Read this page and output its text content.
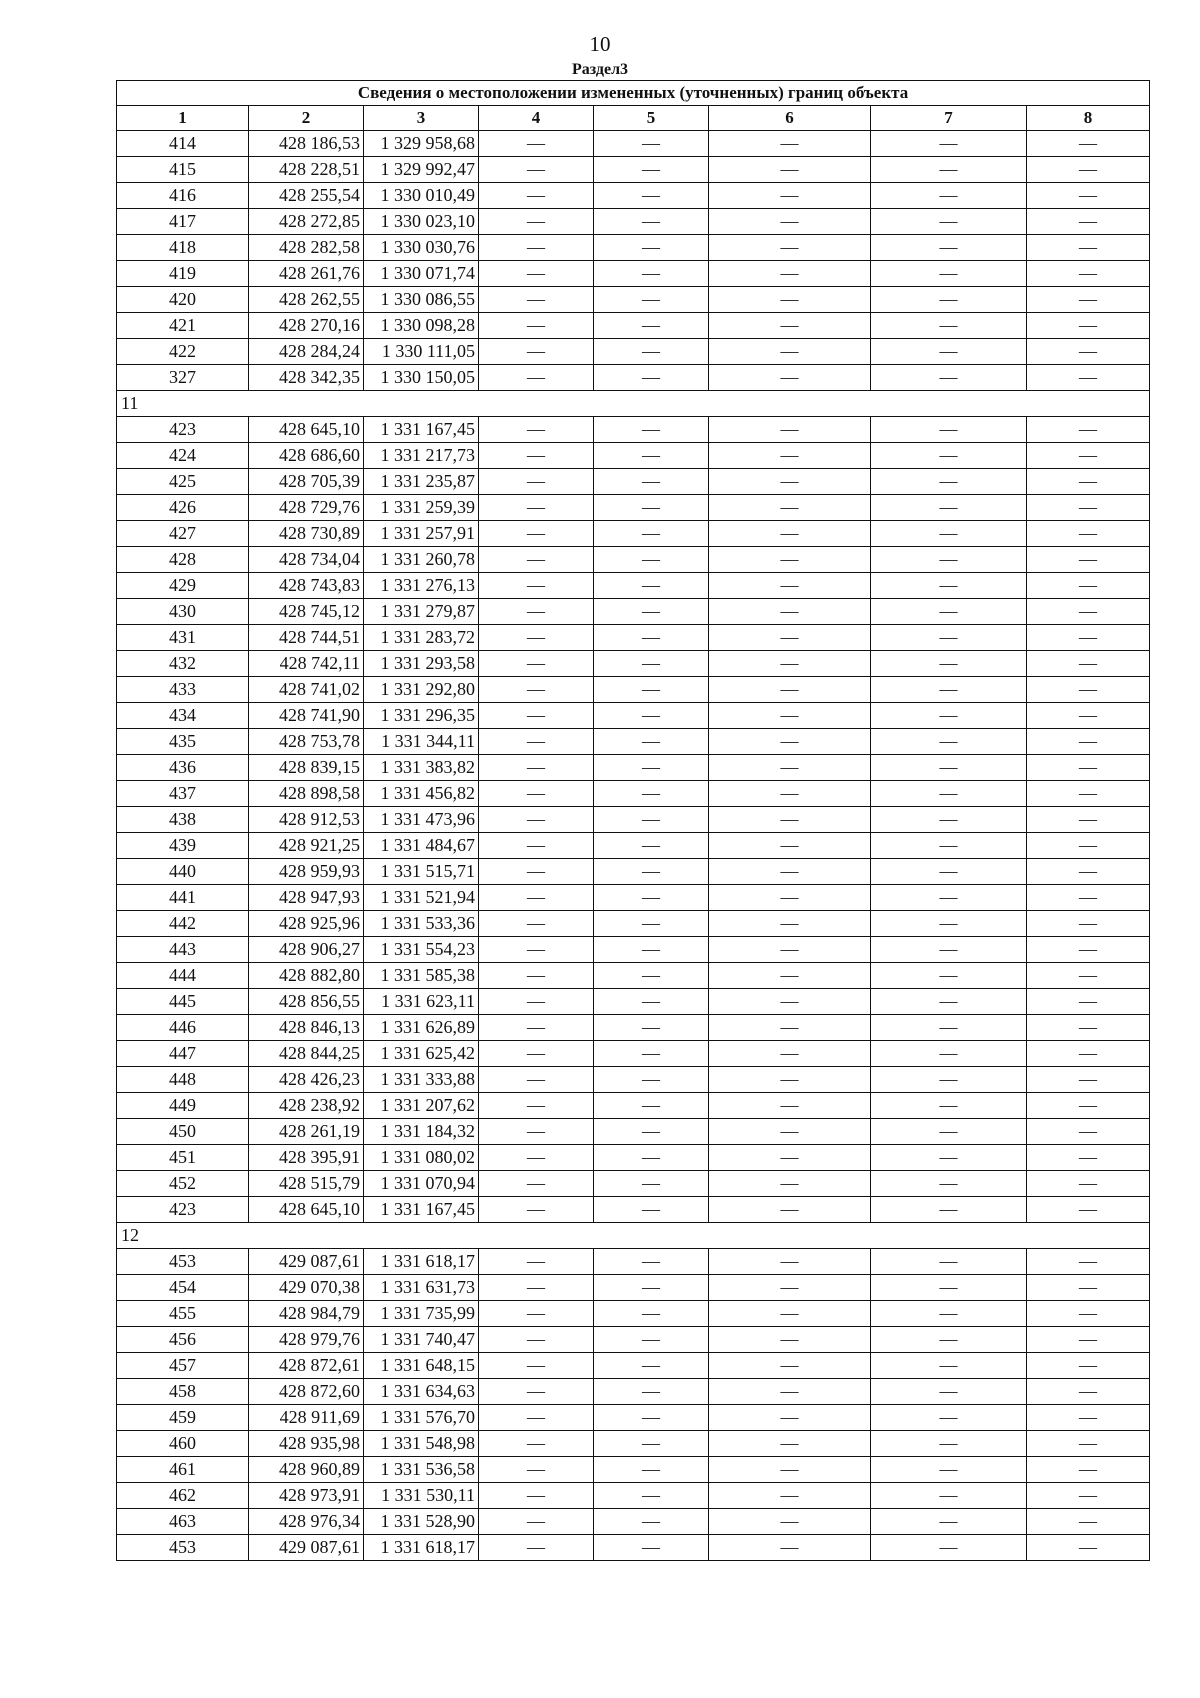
10
Раздел3
Сведения о местоположении измененных (уточненных) границ объекта							
1	2	3	4	5	6	7	8
414	428 186,53	1 329 958,68	—	—	—	—	—
415	428 228,51	1 329 992,47	—	—	—	—	—
416	428 255,54	1 330 010,49	—	—	—	—	—
417	428 272,85	1 330 023,10	—	—	—	—	—
418	428 282,58	1 330 030,76	—	—	—	—	—
419	428 261,76	1 330 071,74	—	—	—	—	—
420	428 262,55	1 330 086,55	—	—	—	—	—
421	428 270,16	1 330 098,28	—	—	—	—	—
422	428 284,24	1 330 111,05	—	—	—	—	—
327	428 342,35	1 330 150,05	—	—	—	—	—
11							
423	428 645,10	1 331 167,45	—	—	—	—	—
424	428 686,60	1 331 217,73	—	—	—	—	—
425	428 705,39	1 331 235,87	—	—	—	—	—
426	428 729,76	1 331 259,39	—	—	—	—	—
427	428 730,89	1 331 257,91	—	—	—	—	—
428	428 734,04	1 331 260,78	—	—	—	—	—
429	428 743,83	1 331 276,13	—	—	—	—	—
430	428 745,12	1 331 279,87	—	—	—	—	—
431	428 744,51	1 331 283,72	—	—	—	—	—
432	428 742,11	1 331 293,58	—	—	—	—	—
433	428 741,02	1 331 292,80	—	—	—	—	—
434	428 741,90	1 331 296,35	—	—	—	—	—
435	428 753,78	1 331 344,11	—	—	—	—	—
436	428 839,15	1 331 383,82	—	—	—	—	—
437	428 898,58	1 331 456,82	—	—	—	—	—
438	428 912,53	1 331 473,96	—	—	—	—	—
439	428 921,25	1 331 484,67	—	—	—	—	—
440	428 959,93	1 331 515,71	—	—	—	—	—
441	428 947,93	1 331 521,94	—	—	—	—	—
442	428 925,96	1 331 533,36	—	—	—	—	—
443	428 906,27	1 331 554,23	—	—	—	—	—
444	428 882,80	1 331 585,38	—	—	—	—	—
445	428 856,55	1 331 623,11	—	—	—	—	—
446	428 846,13	1 331 626,89	—	—	—	—	—
447	428 844,25	1 331 625,42	—	—	—	—	—
448	428 426,23	1 331 333,88	—	—	—	—	—
449	428 238,92	1 331 207,62	—	—	—	—	—
450	428 261,19	1 331 184,32	—	—	—	—	—
451	428 395,91	1 331 080,02	—	—	—	—	—
452	428 515,79	1 331 070,94	—	—	—	—	—
423	428 645,10	1 331 167,45	—	—	—	—	—
12							
453	429 087,61	1 331 618,17	—	—	—	—	—
454	429 070,38	1 331 631,73	—	—	—	—	—
455	428 984,79	1 331 735,99	—	—	—	—	—
456	428 979,76	1 331 740,47	—	—	—	—	—
457	428 872,61	1 331 648,15	—	—	—	—	—
458	428 872,60	1 331 634,63	—	—	—	—	—
459	428 911,69	1 331 576,70	—	—	—	—	—
460	428 935,98	1 331 548,98	—	—	—	—	—
461	428 960,89	1 331 536,58	—	—	—	—	—
462	428 973,91	1 331 530,11	—	—	—	—	—
463	428 976,34	1 331 528,90	—	—	—	—	—
453	429 087,61	1 331 618,17	—	—	—	—	—
